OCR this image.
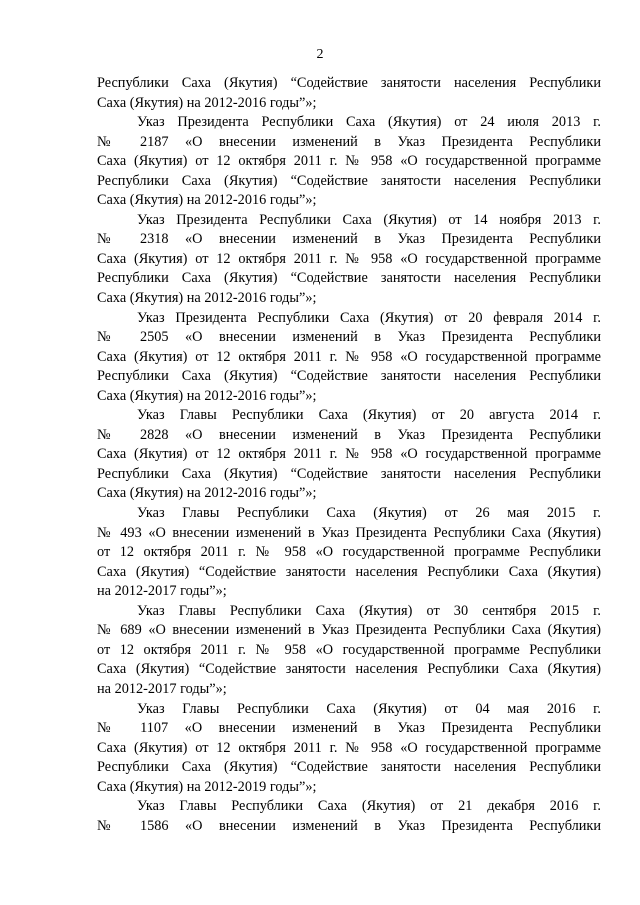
2
Республики Саха (Якутия) “Содействие занятости населения Республики
Саха (Якутия) на 2012-2016 годы”»;
Указ Президента Республики Саха (Якутия) от 24 июля 2013 г.
№ 2187 «О внесении изменений в Указ Президента Республики
Саха (Якутия) от 12 октября 2011 г. № 958 «О государственной программе
Республики Саха (Якутия) “Содействие занятости населения Республики
Саха (Якутия) на 2012-2016 годы”»;
Указ Президента Республики Саха (Якутия) от 14 ноября 2013 г.
№ 2318 «О внесении изменений в Указ Президента Республики
Саха (Якутия) от 12 октября 2011 г. № 958 «О государственной программе
Республики Саха (Якутия) “Содействие занятости населения Республики
Саха (Якутия) на 2012-2016 годы”»;
Указ Президента Республики Саха (Якутия) от 20 февраля 2014 г.
№ 2505 «О внесении изменений в Указ Президента Республики
Саха (Якутия) от 12 октября 2011 г. № 958 «О государственной программе
Республики Саха (Якутия) “Содействие занятости населения Республики
Саха (Якутия) на 2012-2016 годы”»;
Указ Главы Республики Саха (Якутия) от 20 августа 2014 г.
№ 2828 «О внесении изменений в Указ Президента Республики
Саха (Якутия) от 12 октября 2011 г. № 958 «О государственной программе
Республики Саха (Якутия) “Содействие занятости населения Республики
Саха (Якутия) на 2012-2016 годы”»;
Указ Главы Республики Саха (Якутия) от 26 мая 2015 г.
№ 493 «О внесении изменений в Указ Президента Республики Саха (Якутия)
от 12 октября 2011 г. № 958 «О государственной программе Республики
Саха (Якутия) “Содействие занятости населения Республики Саха (Якутия)
на 2012-2017 годы”»;
Указ Главы Республики Саха (Якутия) от 30 сентября 2015 г.
№ 689 «О внесении изменений в Указ Президента Республики Саха (Якутия)
от 12 октября 2011 г. № 958 «О государственной программе Республики
Саха (Якутия) “Содействие занятости населения Республики Саха (Якутия)
на 2012-2017 годы”»;
Указ Главы Республики Саха (Якутия) от 04 мая 2016 г.
№ 1107 «О внесении изменений в Указ Президента Республики
Саха (Якутия) от 12 октября 2011 г. № 958 «О государственной программе
Республики Саха (Якутия) “Содействие занятости населения Республики
Саха (Якутия) на 2012-2019 годы”»;
Указ Главы Республики Саха (Якутия) от 21 декабря 2016 г.
№ 1586 «О внесении изменений в Указ Президента Республики
